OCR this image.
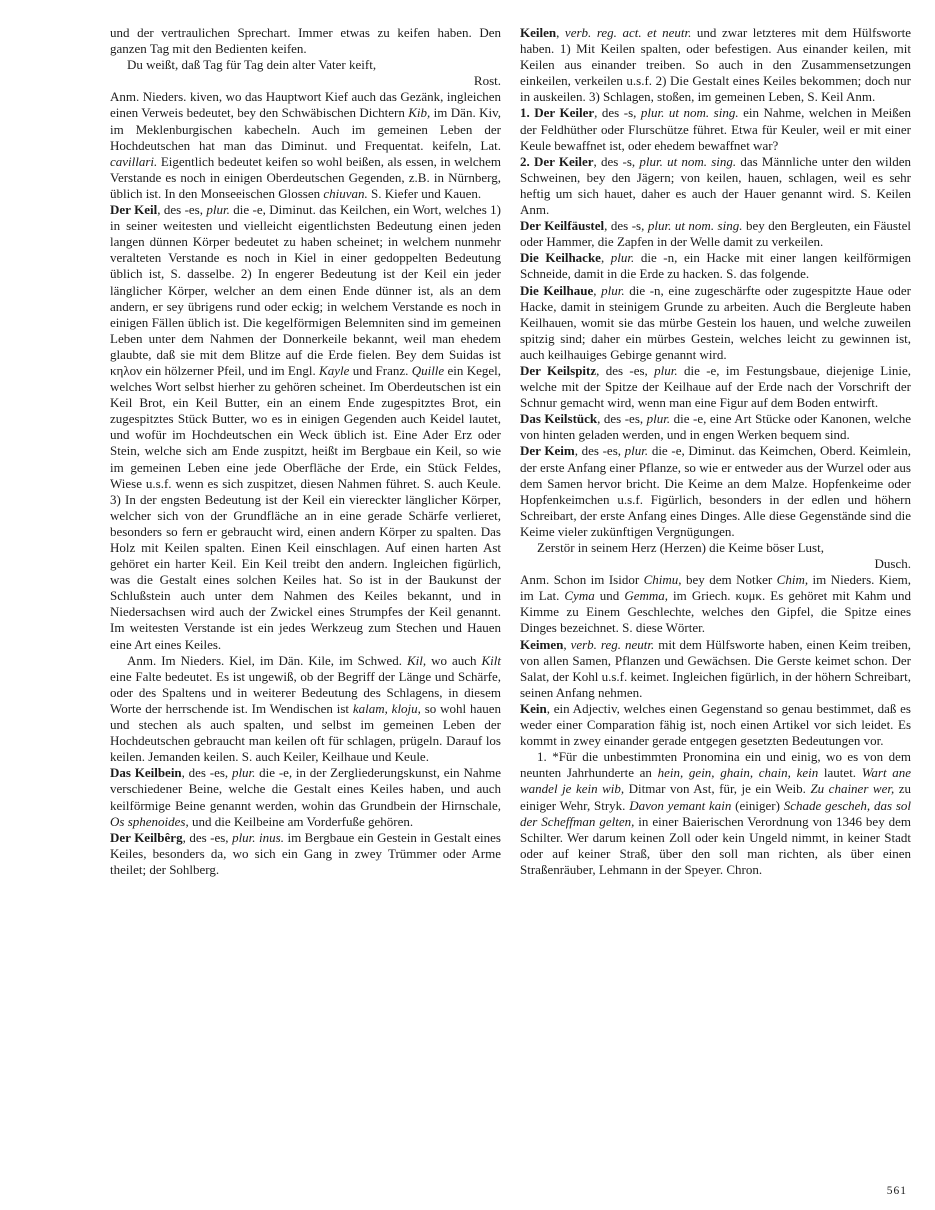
und der vertraulichen Sprechart. Immer etwas zu keifen haben. Den ganzen Tag mit den Bedienten keifen.

Du weißt, daß Tag für Tag dein alter Vater keift,

Rost.

Anm. Nieders. kiven, wo das Hauptwort Kief auch das Gezänk, ingleichen einen Verweis bedeutet, bey den Schwäbischen Dichtern Kib, im Dän. Kiv, im Meklenburgischen kabecheln. Auch im gemeinen Leben der Hochdeutschen hat man das Diminut. und Frequentat. keifeln, Lat. cavillari. Eigentlich bedeutet keifen so wohl beißen, als essen, in welchem Verstande es noch in einigen Oberdeutschen Gegenden, z.B. in Nürnberg, üblich ist. In den Monseeischen Glossen chiuvan. S. Kiefer und Kauen.

Der Keil, des -es, plur. die -e, Diminut. das Keilchen, ein Wort, welches 1) in seiner weitesten und vielleicht eigentlichsten Bedeutung einen jeden langen dünnen Körper bedeutet zu haben scheinet; in welchem nunmehr veralteten Verstande es noch in Kiel in einer gedoppelten Bedeutung üblich ist, S. dasselbe. 2) In engerer Bedeutung ist der Keil ein jeder länglicher Körper, welcher an dem einen Ende dünner ist, als an dem andern, er sey übrigens rund oder eckig; in welchem Verstande es noch in einigen Fällen üblich ist. Die kegelförmigen Belemniten sind im gemeinen Leben unter dem Nahmen der Donnerkeile bekannt, weil man ehedem glaubte, daß sie mit dem Blitze auf die Erde fielen. Bey dem Suidas ist κηλον ein hölzerner Pfeil, und im Engl. Kayle und Franz. Quille ein Kegel, welches Wort selbst hierher zu gehören scheinet. Im Oberdeutschen ist ein Keil Brot, ein Keil Butter, ein an einem Ende zugespitztes Brot, ein zugespitztes Stück Butter, wo es in einigen Gegenden auch Keidel lautet, und wofür im Hochdeutschen ein Weck üblich ist. Eine Ader Erz oder Stein, welche sich am Ende zuspitzt, heißt im Bergbaue ein Keil, so wie im gemeinen Leben eine jede Oberfläche der Erde, ein Stück Feldes, Wiese u.s.f. wenn es sich zuspitzet, diesen Nahmen führet. S. auch Keule. 3) In der engsten Bedeutung ist der Keil ein viereckter länglicher Körper, welcher sich von der Grundfläche an in eine gerade Schärfe verlieret, besonders so fern er gebraucht wird, einen andern Körper zu spalten. Das Holz mit Keilen spalten. Einen Keil einschlagen. Auf einen harten Ast gehöret ein harter Keil. Ein Keil treibt den andern. Ingleichen figürlich, was die Gestalt eines solchen Keiles hat. So ist in der Baukunst der Schlußstein auch unter dem Nahmen des Keiles bekannt, und in Niedersachsen wird auch der Zwickel eines Strumpfes der Keil genannt. Im weitesten Verstande ist ein jedes Werkzeug zum Stechen und Hauen eine Art eines Keiles.

Anm. Im Nieders. Kiel, im Dän. Kile, im Schwed. Kil, wo auch Kilt eine Falte bedeutet. Es ist ungewiß, ob der Begriff der Länge und Schärfe, oder des Spaltens und in weiterer Bedeutung des Schlagens, in diesem Worte der herrschende ist. Im Wendischen ist kalam, kloju, so wohl hauen und stechen als auch spalten, und selbst im gemeinen Leben der Hochdeutschen gebraucht man keilen oft für schlagen, prügeln. Darauf los keilen. Jemanden keilen. S. auch Keiler, Keilhaue und Keule.

Das Keilbein, des -es, plur. die -e, in der Zergliederungskunst, ein Nahme verschiedener Beine, welche die Gestalt eines Keiles haben, und auch keilförmige Beine genannt werden, wohin das Grundbein der Hirnschale, Os sphenoides, und die Keilbeine am Vorderfuße gehören.

Der Keilbêrg, des -es, plur. inus. im Bergbaue ein Gestein in Gestalt eines Keiles, besonders da, wo sich ein Gang in zwey Trümmer oder Arme theilet; der Sohlberg.

Keilen, verb. reg. act. et neutr. und zwar letzteres mit dem Hülfsworte haben. 1) Mit Keilen spalten, oder befestigen. Aus einander keilen, mit Keilen aus einander treiben. So auch in den Zusammensetzungen einkeilen, verkeilen u.s.f. 2) Die Gestalt eines Keiles bekommen; doch nur in auskeilen. 3) Schlagen, stoßen, im gemeinen Leben, S. Keil Anm.

1. Der Keiler, des -s, plur. ut nom. sing. ein Nahme, welchen in Meißen der Feldhüther oder Flurschütze führet. Etwa für Keuler, weil er mit einer Keule bewaffnet ist, oder ehedem bewaffnet war?

2. Der Keiler, des -s, plur. ut nom. sing. das Männliche unter den wilden Schweinen, bey den Jägern; von keilen, hauen, schlagen, weil es sehr heftig um sich hauet, daher es auch der Hauer genannt wird. S. Keilen Anm.

Der Keilfäustel, des -s, plur. ut nom. sing. bey den Bergleuten, ein Fäustel oder Hammer, die Zapfen in der Welle damit zu verkeilen.

Die Keilhacke, plur. die -n, ein Hacke mit einer langen keilförmigen Schneide, damit in die Erde zu hacken. S. das folgende.

Die Keilhaue, plur. die -n, eine zugeschärfte oder zugespitzte Haue oder Hacke, damit in steinigem Grunde zu arbeiten. Auch die Bergleute haben Keilhauen, womit sie das mürbe Gestein los hauen, und welche zuweilen spitzig sind; daher ein mürbes Gestein, welches leicht zu gewinnen ist, auch keilhauiges Gebirge genannt wird.

Der Keilspitz, des -es, plur. die -e, im Festungsbaue, diejenige Linie, welche mit der Spitze der Keilhaue auf der Erde nach der Vorschrift der Schnur gemacht wird, wenn man eine Figur auf dem Boden entwirft.

Das Keilstück, des -es, plur. die -e, eine Art Stücke oder Kanonen, welche von hinten geladen werden, und in engen Werken bequem sind.

Der Keim, des -es, plur. die -e, Diminut. das Keimchen, Oberd. Keimlein, der erste Anfang einer Pflanze, so wie er entweder aus der Wurzel oder aus dem Samen hervor bricht. Die Keime an dem Malze. Hopfenkeime oder Hopfenkeimchen u.s.f. Figürlich, besonders in der edlen und höhern Schreibart, der erste Anfang eines Dinges. Alle diese Gegenstände sind die Keime vieler zukünftigen Vergnügungen.

Zerstör in seinem Herz (Herzen) die Keime böser Lust,

Dusch.

Anm. Schon im Isidor Chimu, bey dem Notker Chim, im Nieders. Kiem, im Lat. Cyma und Gemma, im Griech. κυμκ. Es gehöret mit Kahm und Kimme zu Einem Geschlechte, welches den Gipfel, die Spitze eines Dinges bezeichnet. S. diese Wörter.

Keimen, verb. reg. neutr. mit dem Hülfsworte haben, einen Keim treiben, von allen Samen, Pflanzen und Gewächsen. Die Gerste keimet schon. Der Salat, der Kohl u.s.f. keimet. Ingleichen figürlich, in der höhern Schreibart, seinen Anfang nehmen.

Kein, ein Adjectiv, welches einen Gegenstand so genau bestimmet, daß es weder einer Comparation fähig ist, noch einen Artikel vor sich leidet. Es kommt in zwey einander gerade entgegen gesetzten Bedeutungen vor.

1. *Für die unbestimmten Pronomina ein und einig, wo es von dem neunten Jahrhunderte an hein, gein, ghain, chain, kein lautet. Wart ane wandel je kein wib, Ditmar von Ast, für, je ein Weib. Zu chainer wer, zu einiger Wehr, Stryk. Davon yemant kain (einiger) Schade gescheh, das sol der Scheffman gelten, in einer Baierischen Verordnung von 1346 bey dem Schilter. Wer darum keinen Zoll oder kein Ungeld nimmt, in keiner Stadt oder auf keiner Straß, über den soll man richten, als über einen Straßenräuber, Lehmann in der Speyer. Chron.

561
